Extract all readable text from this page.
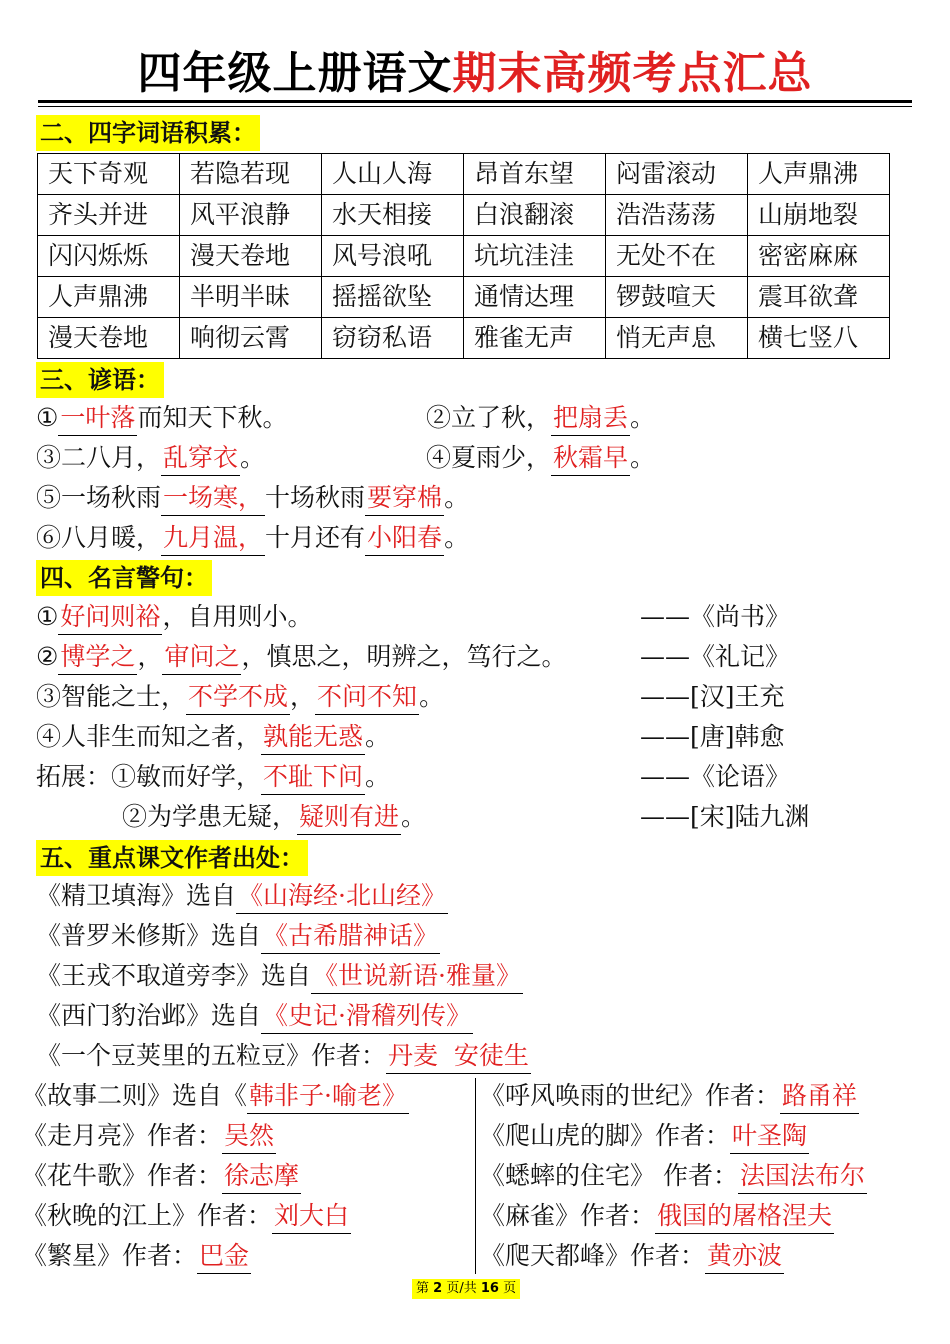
四年级上册语文期末高频考点汇总
二、四字词语积累：
天下奇观	若隐若现	人山人海	昂首东望	闷雷滚动	人声鼎沸
齐头并进	风平浪静	水天相接	白浪翻滚	浩浩荡荡	山崩地裂
闪闪烁烁	漫天卷地	风号浪吼	坑坑洼洼	无处不在	密密麻麻
人声鼎沸	半明半昧	摇摇欲坠	通情达理	锣鼓喧天	震耳欲聋
漫天卷地	响彻云霄	窃窃私语	雅雀无声	悄无声息	横七竖八
三、谚语：
①一叶落而知天下秋。	②立了秋，把扇丢。
③二八月，乱穿衣。	④夏雨少，秋霜早。
⑤一场秋雨一场寒，十场秋雨要穿棉。
⑥八月暖，九月温，十月还有小阳春。
四、名言警句：
①好问则裕，自用则小。	——《尚书》
②博学之，审问之，慎思之，明辨之，笃行之。	——《礼记》
③智能之士，不学不成，不问不知。	——[汉]王充
④人非生而知之者，孰能无惑。	——[唐]韩愈
拓展：①敏而好学，不耻下问。	——《论语》
②为学患无疑，疑则有进。	——[宋]陆九渊
五、重点课文作者出处：
《精卫填海》选自《山海经·北山经》
《普罗米修斯》选自《古希腊神话》
《王戎不取道旁李》选自《世说新语·雅量》
《西门豹治邺》选自《史记·滑稽列传》
《一个豆荚里的五粒豆》作者：丹麦  安徒生
《故事二则》选自《韩非子·喻老》
《走月亮》作者：吴然
《花牛歌》作者：徐志摩
《秋晚的江上》作者：刘大白
《繁星》作者：巴金
《呼风唤雨的世纪》作者：路甬祥
《爬山虎的脚》作者：叶圣陶
《蟋蟀的住宅》 作者：法国法布尔
《麻雀》作者：俄国的屠格涅夫
《爬天都峰》作者：黄亦波
第 2 页/共 16 页
